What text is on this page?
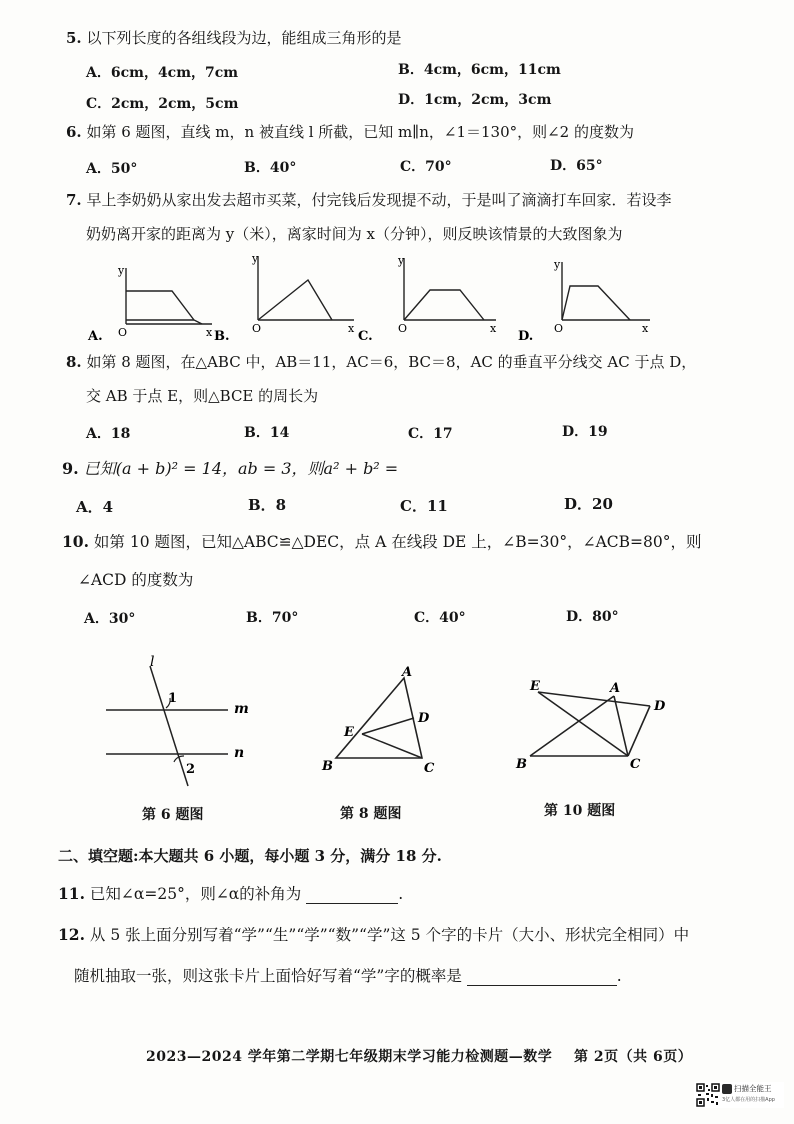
5. 以下列长度的各组线段为边，能组成三角形的是
A．6cm，4cm，7cm	B．4cm，6cm，11cm
C．2cm，2cm，5cm	D．1cm，2cm，3cm
6. 如第 6 题图，直线 m，n 被直线 l 所截，已知 m∥n，∠1＝130°，则∠2 的度数为
A．50°	B．40°	C．70°	D．65°
7. 早上李奶奶从家出发去超市买菜，付完钱后发现提不动，于是叫了滴滴打车回家．若设李
奶奶离开家的距离为 y（米），离家时间为 x（分钟），则反映该情景的大致图象为
y
O	x
A.
y
O	x
B.
y
O	x
C.
y
O	x
D.
8. 如第 8 题图，在△ABC 中，AB＝11，AC＝6，BC＝8，AC 的垂直平分线交 AC 于点 D，
交 AB 于点 E，则△BCE 的周长为
A．18	B．14	C．17	D．19
9. 已知(a + b)² = 14，ab = 3，则a² + b² =
A．4	B．8	C．11	D．20
10. 如第 10 题图，已知△ABC≌△DEC，点 A 在线段 DE 上，∠B=30°，∠ACB=80°，则
∠ACD 的度数为
A．30°	B．70°	C．40°	D．80°
l
1
m
n
2
第 6 题图
A
D
E
B	C
第 8 题图
E	A
D
B	C
第 10 题图
二、填空题:本大题共 6 小题，每小题 3 分，满分 18 分.
11. 已知∠α=25°，则∠α的补角为	.
12. 从 5 张上面分别写着“学”“生”“学”“数”“学”这 5 个字的卡片（大小、形状完全相同）中
随机抽取一张，则这张卡片上面恰好写着“学”字的概率是	.
2023—2024 学年第二学期七年级期末学习能力检测题—数学 第 2页（共 6页）
扫描全能王
3亿人都在用的扫描App
